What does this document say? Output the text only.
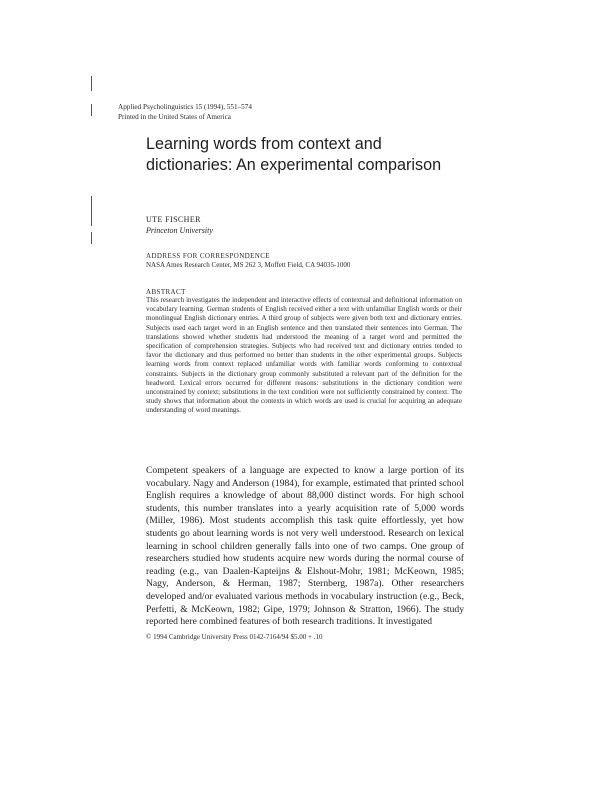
Applied Psycholinguistics 15 (1994), 551–574
Printed in the United States of America
Learning words from context and dictionaries: An experimental comparison
UTE FISCHER
Princeton University
ADDRESS FOR CORRESPONDENCE
NASA Ames Research Center, MS 262 3, Moffett Field, CA 94035-1000
ABSTRACT

This research investigates the independent and interactive effects of contextual and definitional information on vocabulary learning. German students of English received either a text with unfamiliar English words or their monolingual English dictionary entries. A third group of subjects were given both text and dictionary entries. Subjects used each target word in an English sentence and then translated their sentences into German. The translations showed whether students had understood the meaning of a target word and permitted the specification of comprehension strategies. Subjects who had received text and dictionary entries tended to favor the dictionary and thus performed no better than students in the other experimental groups. Subjects learning words from context replaced unfamiliar words with familiar words conforming to contextual constraints. Subjects in the dictionary group commonly substituted a relevant part of the definition for the headword. Lexical errors occurred for different reasons: substitutions in the dictionary condition were unconstrained by context; substitutions in the text condition were not sufficiently constrained by context. The study shows that information about the contexts in which words are used is crucial for acquiring an adequate understanding of word meanings.

Competent speakers of a language are expected to know a large portion of its vocabulary. Nagy and Anderson (1984), for example, estimated that printed school English requires a knowledge of about 88,000 distinct words. For high school students, this number translates into a yearly acquisition rate of 5,000 words (Miller, 1986). Most students accomplish this task quite effortlessly, yet how students go about learning words is not very well understood. Research on lexical learning in school children generally falls into one of two camps. One group of researchers studied how students acquire new words during the normal course of reading (e.g., van Daalen-Kapteijns & Elshout-Mohr, 1981; McKeown, 1985; Nagy, Anderson, & Herman, 1987; Sternberg, 1987a). Other researchers developed and/or evaluated various methods in vocabulary instruction (e.g., Beck, Perfetti, & McKeown, 1982; Gipe, 1979; Johnson & Stratton, 1966). The study reported here combined features of both research traditions. It investigated

© 1994 Cambridge University Press 0142-7164/94 $5.00 + .10
